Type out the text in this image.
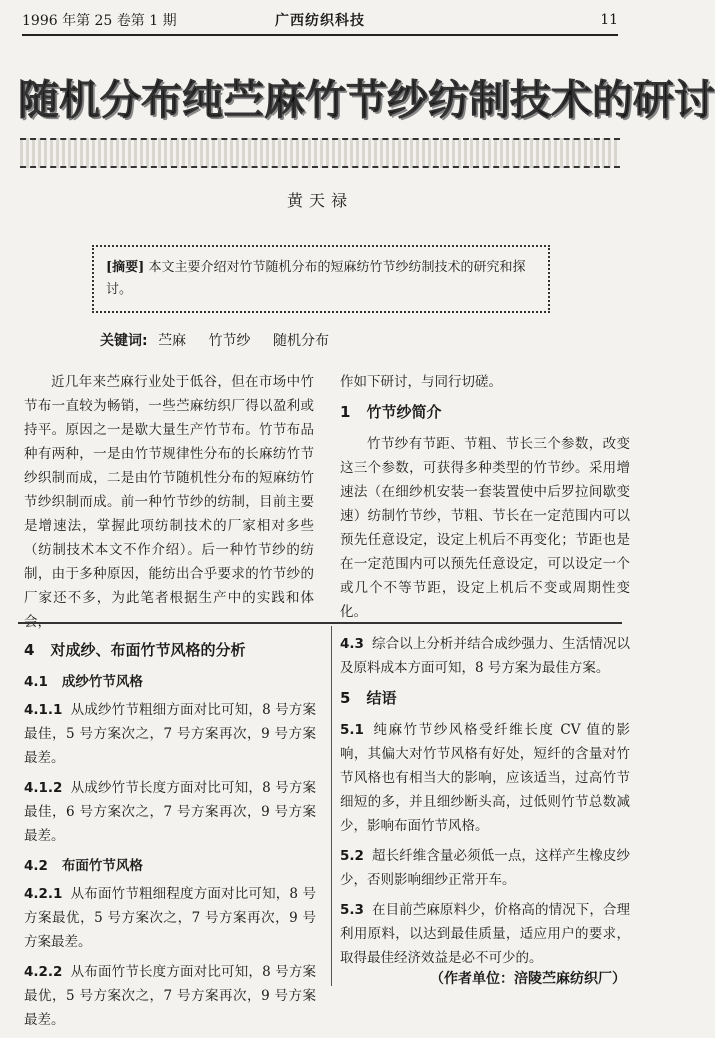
1996 年第 25 卷第 1 期	广西纺织科技	11
随机分布纯苎麻竹节纱纺制技术的研讨
黄天禄
[摘要] 本文主要介绍对竹节随机分布的短麻纺竹节纱纺制技术的研究和探讨。
关键词: 苎麻 竹节纱 随机分布

近几年来苎麻行业处于低谷，但在市场中竹节布一直较为畅销，一些苎麻纺织厂得以盈利或持平。原因之一是歇大量生产竹节布。竹节布品种有两种，一是由竹节规律性分布的长麻纺竹节纱织制而成，二是由竹节随机性分布的短麻纺竹节纱织制而成。前一种竹节纱的纺制，目前主要是增速法，掌握此项纺制技术的厂家相对多些（纺制技术本文不作介绍）。后一种竹节纱的纺制，由于多种原因，能纺出合乎要求的竹节纱的厂家还不多，为此笔者根据生产中的实践和体会，

作如下研讨，与同行切磋。

1 竹节纱简介

竹节纱有节距、节粗、节长三个参数，改变这三个参数，可获得多种类型的竹节纱。采用增速法（在细纱机安装一套装置使中后罗拉间歇变速）纺制竹节纱，节粗、节长在一定范围内可以预先任意设定，设定上机后不再变化；节距也是在一定范围内可以预先任意设定，可以设定一个或几个不等节距，设定上机后不变或周期性变化。

4 对成纱、布面竹节风格的分析
4.1 成纱竹节风格

4.1.1 从成纱竹节粗细方面对比可知，8 号方案最佳，5 号方案次之，7 号方案再次，9 号方案最差。

4.1.2 从成纱竹节长度方面对比可知，8 号方案最佳，6 号方案次之，7 号方案再次，9 号方案最差。

4.2 布面竹节风格

4.2.1 从布面竹节粗细程度方面对比可知，8 号方案最优，5 号方案次之，7 号方案再次，9 号方案最差。

4.2.2 从布面竹节长度方面对比可知，8 号方案最优，5 号方案次之，7 号方案再次，9 号方案最差。

4.3 综合以上分析并结合成纱强力、生活情况以及原料成本方面可知，8 号方案为最佳方案。

5 结语

5.1 纯麻竹节纱风格受纤维长度 CV 值的影响，其偏大对竹节风格有好处，短纤的含量对竹节风格也有相当大的影响，应该适当，过高竹节细短的多，并且细纱断头高，过低则竹节总数减少，影响布面竹节风格。

5.2 超长纤维含量必须低一点，这样产生橡皮纱少，否则影响细纱正常开车。

5.3 在目前苎麻原料少，价格高的情况下，合理利用原料，以达到最佳质量，适应用户的要求，取得最佳经济效益是必不可少的。

（作者单位：涪陵苎麻纺织厂）
